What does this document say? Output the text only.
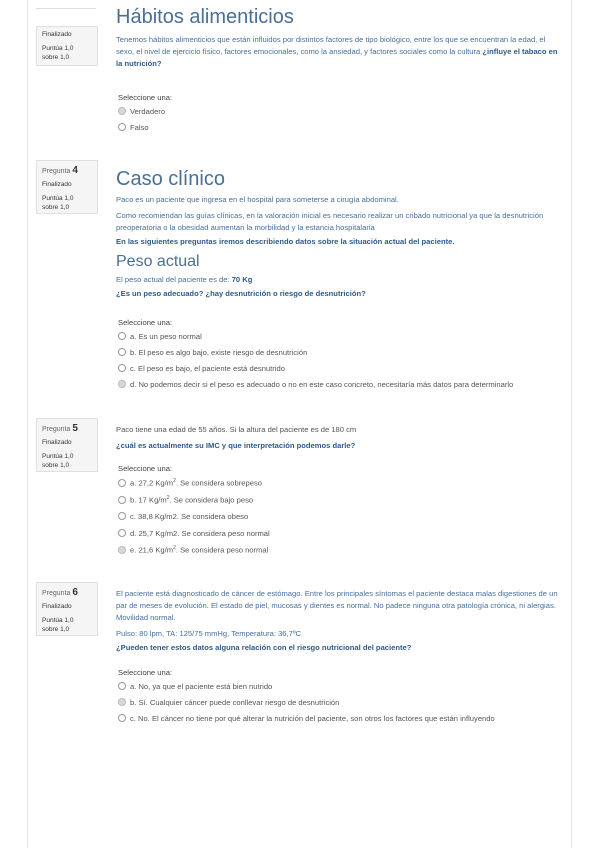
Finalizado
Puntúa 1,0
sobre 1,0
Hábitos alimenticios
Tenemos hábitos alimenticios que están influidos por distintos factores de tipo biológico, entre los que se encuentran la edad, el sexo, el nivel de ejercicio físico, factores emocionales, como la ansiedad, y factores sociales como la cultura ¿influye el tabaco en la nutrición?
Seleccione una:
Verdadero
Falso
Pregunta 4
Finalizado
Puntúa 1,0
sobre 1,0
Caso clínico
Paco es un paciente que ingresa en el hospital para someterse a cirugía abdominal.
Como recomiendan las guías clínicas, en la valoración inicial es necesario realizar un cribado nutricional ya que la desnutrición preoperatoria o la obesidad aumentan la morbilidad y la estancia hospitalaria
En las siguientes preguntas iremos describiendo datos sobre la situación actual del paciente.
Peso actual
El peso actual del paciente es de: 70 Kg
¿Es un peso adecuado? ¿hay desnutrición o riesgo de desnutrición?
Seleccione una:
a. Es un peso normal
b. El peso es algo bajo, existe riesgo de desnutrición
c. El peso es bajo, el paciente está desnutrido
d. No podemos decir si el peso es adecuado o no en este caso concreto, necesitaría más datos para determinarlo
Pregunta 5
Finalizado
Puntúa 1,0
sobre 1,0
Paco tiene una edad de 55 años. Si la altura del paciente es de 180 cm
¿cuál es actualmente su IMC y que interpretación podemos darle?
Seleccione una:
a. 27,2 $Kg/m^2$. Se considera sobrepeso
b. 17 $Kg/m^2$. Se considera bajo peso
c. 38,8 Kg/m2. Se considera obeso
d. 25,7 Kg/m2. Se considera peso normal
e. 21,6 $Kg/m^2$. Se considera peso normal
Pregunta 6
Finalizado
Puntúa 1,0
sobre 1,0
El paciente está diagnosticado de cáncer de estómago. Entre los principales síntomas el paciente destaca malas digestiones de un par de meses de evolución. El estado de piel, mucosas y dientes es normal. No padece ninguna otra patología crónica, ni alergias. Movilidad normal.
Pulso: 80 lpm, TA: 125/75 mmHg, Temperatura: 36,7ºC
¿Pueden tener estos datos alguna relación con el riesgo nutricional del paciente?
Seleccione una:
a. No, ya que el paciente está bien nutrido
b. Sí. Cualquier cáncer puede conllevar riesgo de desnutrición
c. No. El cáncer no tiene por qué alterar la nutrición del paciente, son otros los factores que están influyendo
